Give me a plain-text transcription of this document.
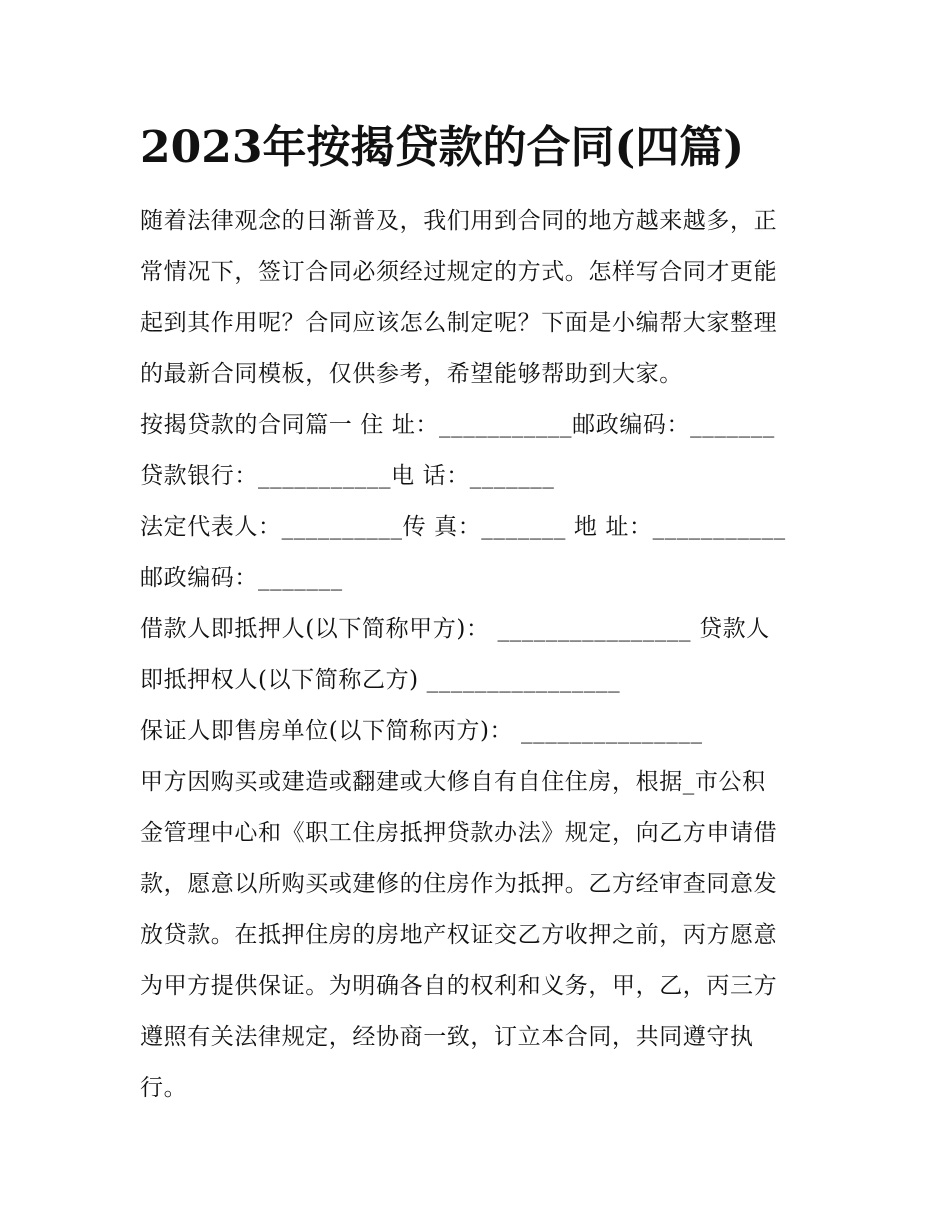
2023年按揭贷款的合同(四篇)

随着法律观念的日渐普及，我们用到合同的地方越来越多，正

常情况下，签订合同必须经过规定的方式。怎样写合同才更能

起到其作用呢？合同应该怎么制定呢？下面是小编帮大家整理

的最新合同模板，仅供参考，希望能够帮助到大家。

按揭贷款的合同篇一 住 址：___________邮政编码：_______

贷款银行：___________电 话：_______

法定代表人：__________传 真：_______ 地 址：___________

邮政编码：_______

借款人即抵押人(以下简称甲方)： ________________ 贷款人

即抵押权人(以下简称乙方) ________________

保证人即售房单位(以下简称丙方)： _______________

甲方因购买或建造或翻建或大修自有自住住房，根据_市公积

金管理中心和《职工住房抵押贷款办法》规定，向乙方申请借

款，愿意以所购买或建修的住房作为抵押。乙方经审查同意发

放贷款。在抵押住房的房地产权证交乙方收押之前，丙方愿意

为甲方提供保证。为明确各自的权利和义务，甲，乙，丙三方

遵照有关法律规定，经协商一致，订立本合同，共同遵守执

行。
